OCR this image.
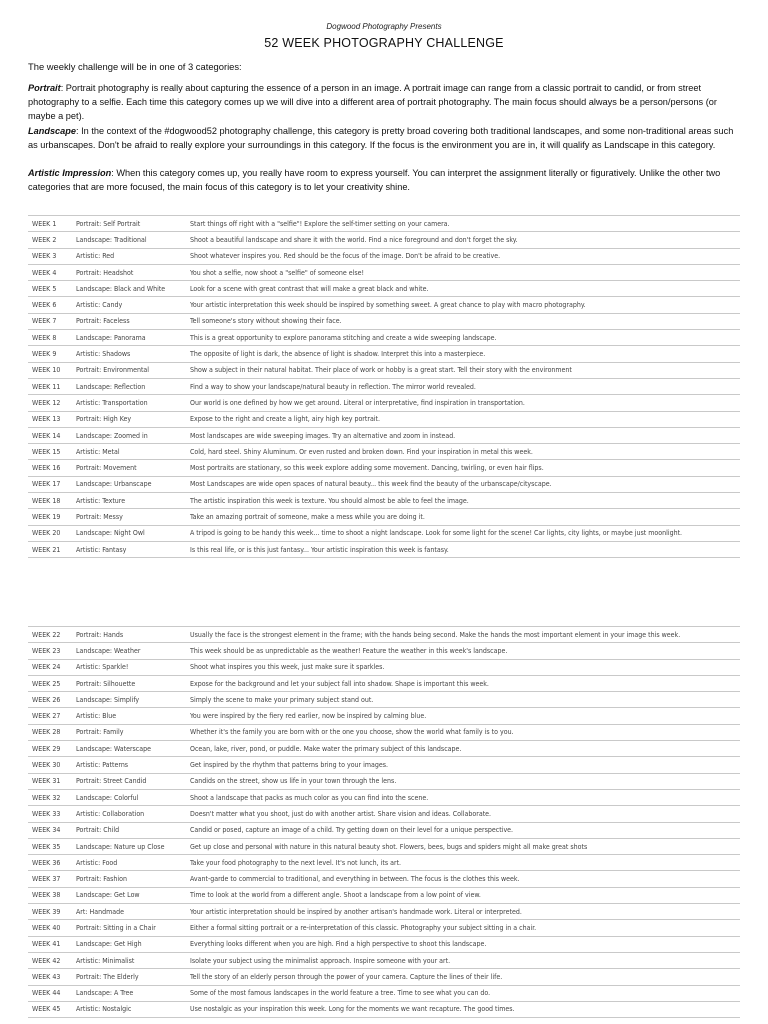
Dogwood Photography Presents
52 WEEK PHOTOGRAPHY CHALLENGE
The weekly challenge will be in one of 3 categories:
Portrait: Portrait photography is really about capturing the essence of a person in an image. A portrait image can range from a classic portrait to candid, or from street photography to a selfie. Each time this category comes up we will dive into a different area of portrait photography. The main focus should always be a person/persons (or maybe a pet).
Landscape: In the context of the #dogwood52 photography challenge, this category is pretty broad covering both traditional landscapes, and some non-traditional areas such as urbanscapes. Don't be afraid to really explore your surroundings in this category. If the focus is the environment you are in, it will qualify as Landscape in this category.
Artistic Impression: When this category comes up, you really have room to express yourself. You can interpret the assignment literally or figuratively. Unlike the other two categories that are more focused, the main focus of this category is to let your creativity shine.
WEEK 1	Portrait: Self Portrait	Start things off right with a "selfie"! Explore the self-timer setting on your camera.
WEEK 2	Landscape: Traditional	Shoot a beautiful landscape and share it with the world. Find a nice foreground and don't forget the sky.
WEEK 3	Artistic: Red	Shoot whatever inspires you. Red should be the focus of the image. Don't be afraid to be creative.
WEEK 4	Portrait: Headshot	You shot a selfie, now shoot a "selfie" of someone else!
WEEK 5	Landscape: Black and White	Look for a scene with great contrast that will make a great black and white.
WEEK 6	Artistic: Candy	Your artistic interpretation this week should be inspired by something sweet. A great chance to play with macro photography.
WEEK 7	Portrait: Faceless	Tell someone's story without showing their face.
WEEK 8	Landscape: Panorama	This is a great opportunity to explore panorama stitching and create a wide sweeping landscape.
WEEK 9	Artistic: Shadows	The opposite of light is dark, the absence of light is shadow. Interpret this into a masterpiece.
WEEK 10	Portrait: Environmental	Show a subject in their natural habitat. Their place of work or hobby is a great start. Tell their story with the environment
WEEK 11	Landscape: Reflection	Find a way to show your landscape/natural beauty in reflection. The mirror world revealed.
WEEK 12	Artistic: Transportation	Our world is one defined by how we get around. Literal or interpretative, find inspiration in transportation.
WEEK 13	Portrait: High Key	Expose to the right and create a light, airy high key portrait.
WEEK 14	Landscape: Zoomed in	Most landscapes are wide sweeping images. Try an alternative and zoom in instead.
WEEK 15	Artistic: Metal	Cold, hard steel. Shiny Aluminum. Or even rusted and broken down. Find your inspiration in metal this week.
WEEK 16	Portrait: Movement	Most portraits are stationary, so this week explore adding some movement. Dancing, twirling, or even hair flips.
WEEK 17	Landscape: Urbanscape	Most Landscapes are wide open spaces of natural beauty... this week find the beauty of the urbanscape/cityscape.
WEEK 18	Artistic: Texture	The artistic inspiration this week is texture. You should almost be able to feel the image.
WEEK 19	Portrait: Messy	Take an amazing portrait of someone, make a mess while you are doing it.
WEEK 20	Landscape: Night Owl	A tripod is going to be handy this week... time to shoot a night landscape. Look for some light for the scene! Car lights, city lights, or maybe just moonlight.
WEEK 21	Artistic: Fantasy	Is this real life, or is this just fantasy... Your artistic inspiration this week is fantasy.
WEEK 22	Portrait: Hands	Usually the face is the strongest element in the frame; with the hands being second. Make the hands the most important element in your image this week.
WEEK 23	Landscape: Weather	This week should be as unpredictable as the weather! Feature the weather in this week's landscape.
WEEK 24	Artistic: Sparkle!	Shoot what inspires you this week, just make sure it sparkles.
WEEK 25	Portrait: Silhouette	Expose for the background and let your subject fall into shadow. Shape is important this week.
WEEK 26	Landscape: Simplify	Simply the scene to make your primary subject stand out.
WEEK 27	Artistic: Blue	You were inspired by the fiery red earlier, now be inspired by calming blue.
WEEK 28	Portrait: Family	Whether it's the family you are born with or the one you choose, show the world what family is to you.
WEEK 29	Landscape: Waterscape	Ocean, lake, river, pond, or puddle. Make water the primary subject of this landscape.
WEEK 30	Artistic: Patterns	Get inspired by the rhythm that patterns bring to your images.
WEEK 31	Portrait: Street Candid	Candids on the street, show us life in your town through the lens.
WEEK 32	Landscape: Colorful	Shoot a landscape that packs as much color as you can find into the scene.
WEEK 33	Artistic: Collaboration	Doesn't matter what you shoot, just do with another artist. Share vision and ideas. Collaborate.
WEEK 34	Portrait: Child	Candid or posed, capture an image of a child. Try getting down on their level for a unique perspective.
WEEK 35	Landscape: Nature up Close	Get up close and personal with nature in this natural beauty shot. Flowers, bees, bugs and spiders might all make great shots
WEEK 36	Artistic: Food	Take your food photography to the next level. It's not lunch, its art.
WEEK 37	Portrait: Fashion	Avant-garde to commercial to traditional, and everything in between. The focus is the clothes this week.
WEEK 38	Landscape: Get Low	Time to look at the world from a different angle. Shoot a landscape from a low point of view.
WEEK 39	Art: Handmade	Your artistic interpretation should be inspired by another artisan's handmade work. Literal or interpreted.
WEEK 40	Portrait: Sitting in a Chair	Either a formal sitting portrait or a re-interpretation of this classic. Photography your subject sitting in a chair.
WEEK 41	Landscape: Get High	Everything looks different when you are high. Find a high perspective to shoot this landscape.
WEEK 42	Artistic: Minimalist	Isolate your subject using the minimalist approach. Inspire someone with your art.
WEEK 43	Portrait: The Elderly	Tell the story of an elderly person through the power of your camera. Capture the lines of their life.
WEEK 44	Landscape: A Tree	Some of the most famous landscapes in the world feature a tree. Time to see what you can do.
WEEK 45	Artistic: Nostalgic	Use nostalgic as your inspiration this week. Long for the moments we want recapture. The good times.
